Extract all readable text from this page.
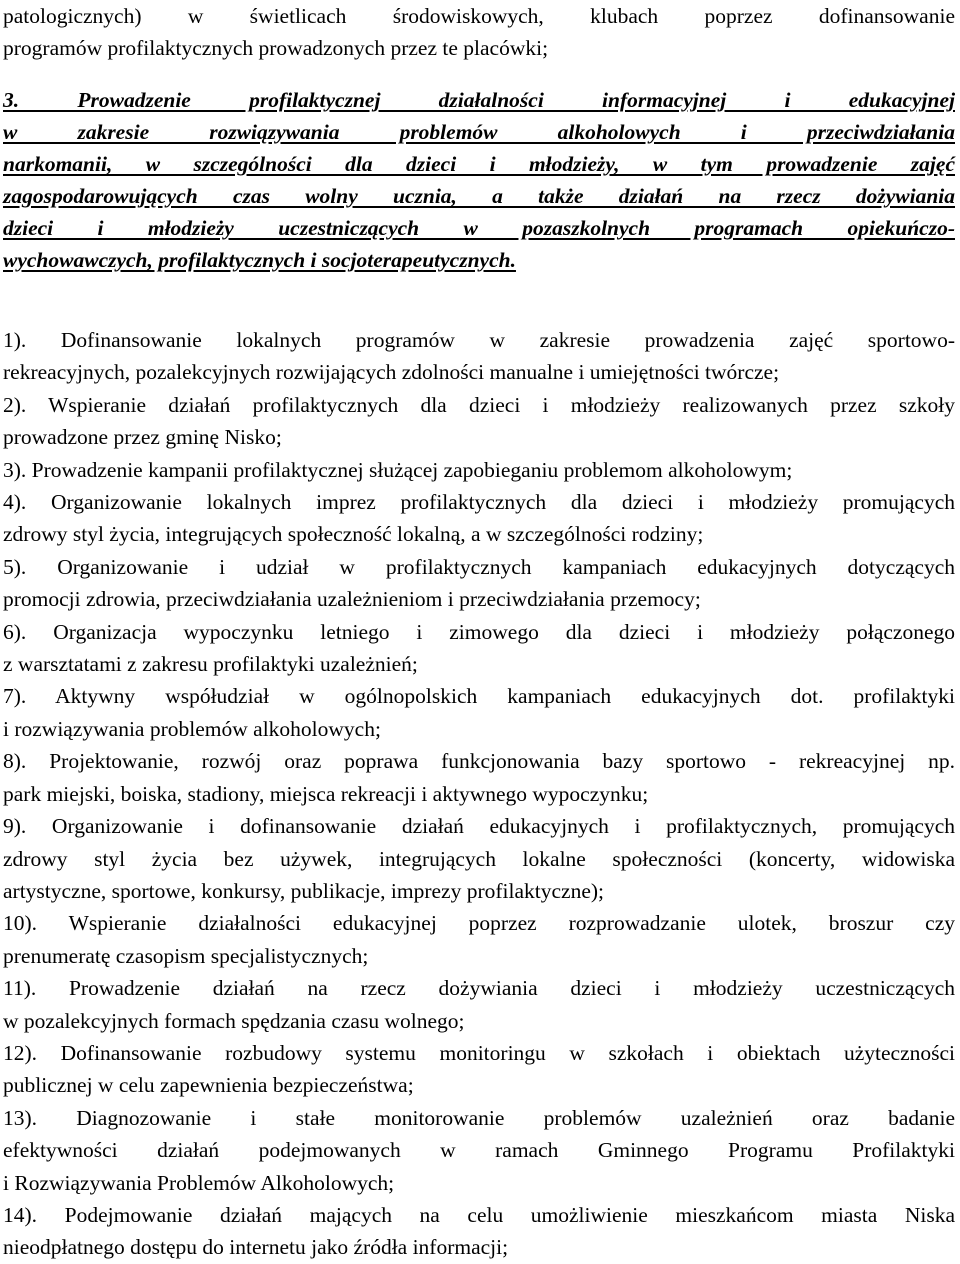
patologicznych) w świetlicach środowiskowych, klubach poprzez dofinansowanie
programów profilaktycznych prowadzonych przez te placówki;

3. Prowadzenie profilaktycznej działalności informacyjnej i edukacyjnej
w zakresie rozwiązywania problemów alkoholowych i przeciwdziałania
narkomanii, w szczególności dla dzieci i młodzieży, w tym prowadzenie zajęć
zagospodarowujących czas wolny ucznia, a także działań na rzecz dożywiania
dzieci i młodzieży uczestniczących w pozaszkolnych programach opiekuńczo-
wychowawczych, profilaktycznych i socjoterapeutycznych.

1). Dofinansowanie lokalnych programów w zakresie prowadzenia zajęć sportowo-
rekreacyjnych, pozalekcyjnych rozwijających zdolności manualne i umiejętności twórcze;

2). Wspieranie działań profilaktycznych dla dzieci i młodzieży realizowanych przez szkoły
prowadzone przez gminę Nisko;

3). Prowadzenie kampanii profilaktycznej służącej zapobieganiu problemom alkoholowym;

4). Organizowanie lokalnych imprez profilaktycznych dla dzieci i młodzieży promujących
zdrowy styl życia, integrujących społeczność lokalną, a w szczególności rodziny;

5). Organizowanie i udział w profilaktycznych kampaniach edukacyjnych dotyczących
promocji zdrowia, przeciwdziałania uzależnieniom i przeciwdziałania przemocy;

6). Organizacja wypoczynku letniego i zimowego dla dzieci i młodzieży połączonego
z warsztatami z zakresu profilaktyki uzależnień;

7). Aktywny współudział w ogólnopolskich kampaniach edukacyjnych dot. profilaktyki
i rozwiązywania problemów alkoholowych;

8). Projektowanie, rozwój oraz poprawa funkcjonowania bazy sportowo - rekreacyjnej np.
park miejski, boiska, stadiony, miejsca rekreacji i aktywnego wypoczynku;

9). Organizowanie i dofinansowanie działań edukacyjnych i profilaktycznych, promujących
zdrowy styl życia bez używek, integrujących lokalne społeczności (koncerty, widowiska
artystyczne, sportowe, konkursy, publikacje, imprezy profilaktyczne);

10). Wspieranie działalności edukacyjnej poprzez rozprowadzanie ulotek, broszur czy
prenumeratę czasopism specjalistycznych;

11). Prowadzenie działań na rzecz dożywiania dzieci i młodzieży uczestniczących
w pozalekcyjnych formach spędzania czasu wolnego;

12). Dofinansowanie rozbudowy systemu monitoringu w szkołach i obiektach użyteczności
publicznej w celu zapewnienia bezpieczeństwa;

13). Diagnozowanie i stałe monitorowanie problemów uzależnień oraz badanie
efektywności działań podejmowanych w ramach Gminnego Programu Profilaktyki
i Rozwiązywania Problemów Alkoholowych;

14). Podejmowanie działań mających na celu umożliwienie mieszkańcom miasta Niska
nieodpłatnego dostępu do internetu jako źródła informacji;
